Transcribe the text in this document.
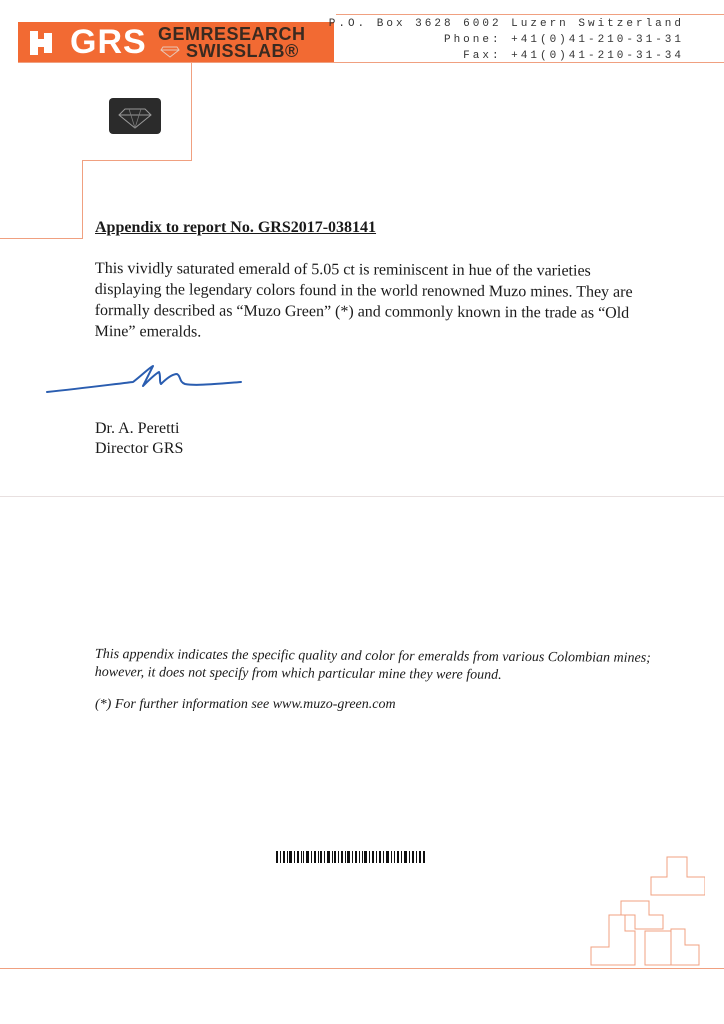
GRS GEMRESEARCH
SWISSLAB®
P.O. Box 3628 6002 Luzern Switzerland
Phone: +41(0)41-210-31-31
Fax: +41(0)41-210-31-34
Appendix to report No. GRS2017-038141
This vividly saturated emerald of 5.05 ct is reminiscent in hue of the varieties displaying the legendary colors found in the world renowned Muzo mines. They are formally described as “Muzo Green” (*) and commonly known in the trade as “Old Mine” emeralds.
Dr. A. Peretti
Director GRS
This appendix indicates the specific quality and color for emeralds from various Colombian mines; however, it does not specify from which particular mine they were found.
(*) For further information see www.muzo-green.com
